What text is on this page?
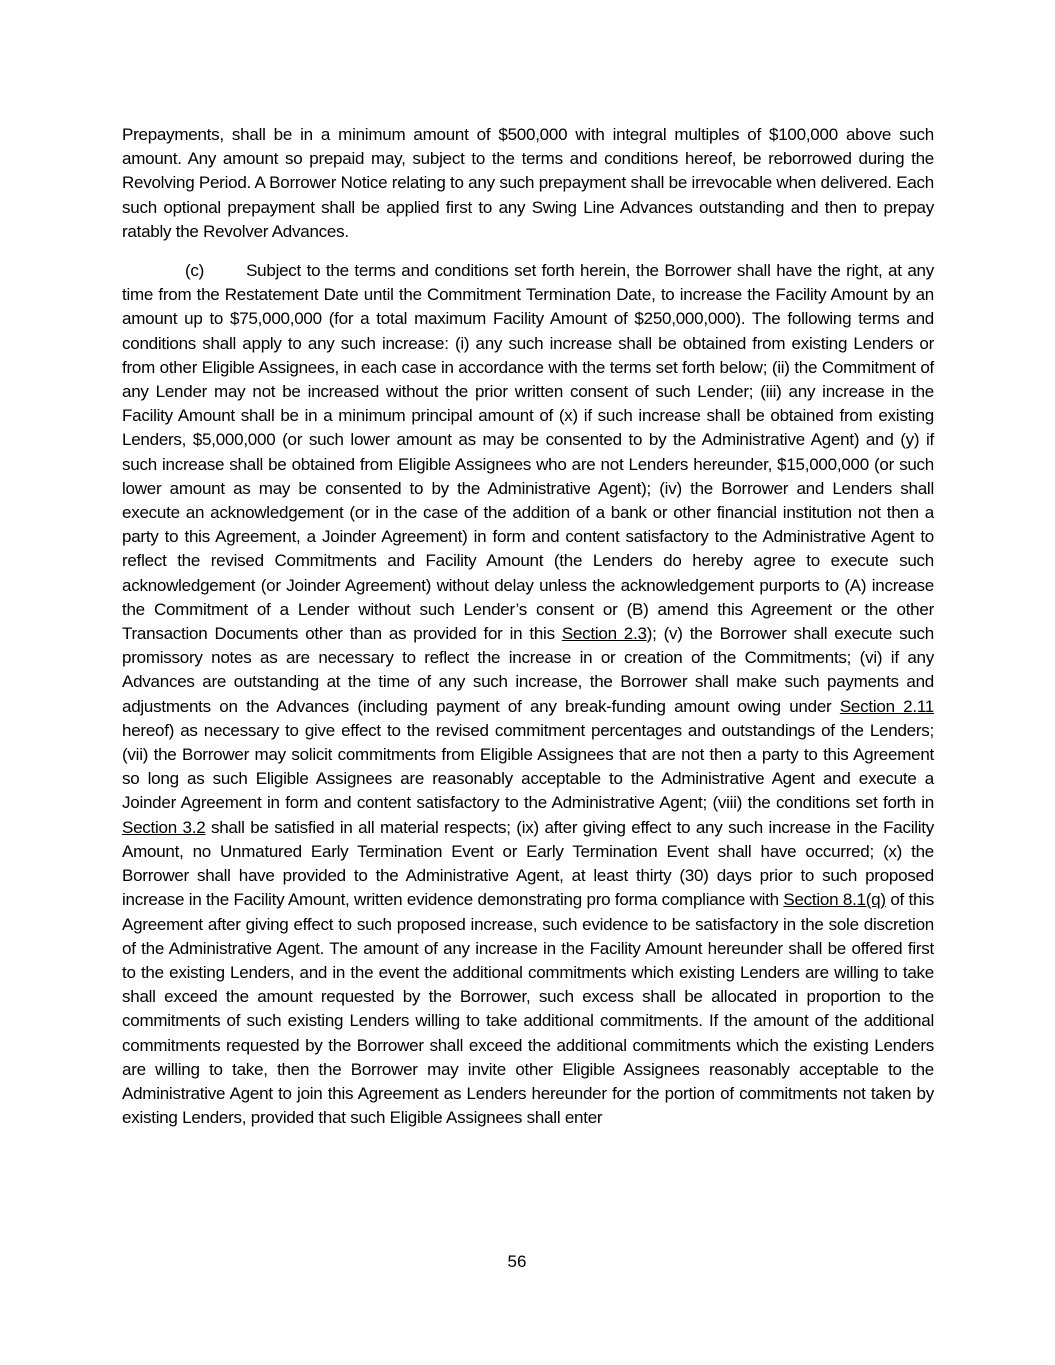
Prepayments, shall be in a minimum amount of $500,000 with integral multiples of $100,000 above such amount. Any amount so prepaid may, subject to the terms and conditions hereof, be reborrowed during the Revolving Period. A Borrower Notice relating to any such prepayment shall be irrevocable when delivered. Each such optional prepayment shall be applied first to any Swing Line Advances outstanding and then to prepay ratably the Revolver Advances.

(c) Subject to the terms and conditions set forth herein, the Borrower shall have the right, at any time from the Restatement Date until the Commitment Termination Date, to increase the Facility Amount by an amount up to $75,000,000 (for a total maximum Facility Amount of $250,000,000). The following terms and conditions shall apply to any such increase: (i) any such increase shall be obtained from existing Lenders or from other Eligible Assignees, in each case in accordance with the terms set forth below; (ii) the Commitment of any Lender may not be increased without the prior written consent of such Lender; (iii) any increase in the Facility Amount shall be in a minimum principal amount of (x) if such increase shall be obtained from existing Lenders, $5,000,000 (or such lower amount as may be consented to by the Administrative Agent) and (y) if such increase shall be obtained from Eligible Assignees who are not Lenders hereunder, $15,000,000 (or such lower amount as may be consented to by the Administrative Agent); (iv) the Borrower and Lenders shall execute an acknowledgement (or in the case of the addition of a bank or other financial institution not then a party to this Agreement, a Joinder Agreement) in form and content satisfactory to the Administrative Agent to reflect the revised Commitments and Facility Amount (the Lenders do hereby agree to execute such acknowledgement (or Joinder Agreement) without delay unless the acknowledgement purports to (A) increase the Commitment of a Lender without such Lender’s consent or (B) amend this Agreement or the other Transaction Documents other than as provided for in this Section 2.3); (v) the Borrower shall execute such promissory notes as are necessary to reflect the increase in or creation of the Commitments; (vi) if any Advances are outstanding at the time of any such increase, the Borrower shall make such payments and adjustments on the Advances (including payment of any break-funding amount owing under Section 2.11 hereof) as necessary to give effect to the revised commitment percentages and outstandings of the Lenders; (vii) the Borrower may solicit commitments from Eligible Assignees that are not then a party to this Agreement so long as such Eligible Assignees are reasonably acceptable to the Administrative Agent and execute a Joinder Agreement in form and content satisfactory to the Administrative Agent; (viii) the conditions set forth in Section 3.2 shall be satisfied in all material respects; (ix) after giving effect to any such increase in the Facility Amount, no Unmatured Early Termination Event or Early Termination Event shall have occurred; (x) the Borrower shall have provided to the Administrative Agent, at least thirty (30) days prior to such proposed increase in the Facility Amount, written evidence demonstrating pro forma compliance with Section 8.1(q) of this Agreement after giving effect to such proposed increase, such evidence to be satisfactory in the sole discretion of the Administrative Agent. The amount of any increase in the Facility Amount hereunder shall be offered first to the existing Lenders, and in the event the additional commitments which existing Lenders are willing to take shall exceed the amount requested by the Borrower, such excess shall be allocated in proportion to the commitments of such existing Lenders willing to take additional commitments. If the amount of the additional commitments requested by the Borrower shall exceed the additional commitments which the existing Lenders are willing to take, then the Borrower may invite other Eligible Assignees reasonably acceptable to the Administrative Agent to join this Agreement as Lenders hereunder for the portion of commitments not taken by existing Lenders, provided that such Eligible Assignees shall enter

56
